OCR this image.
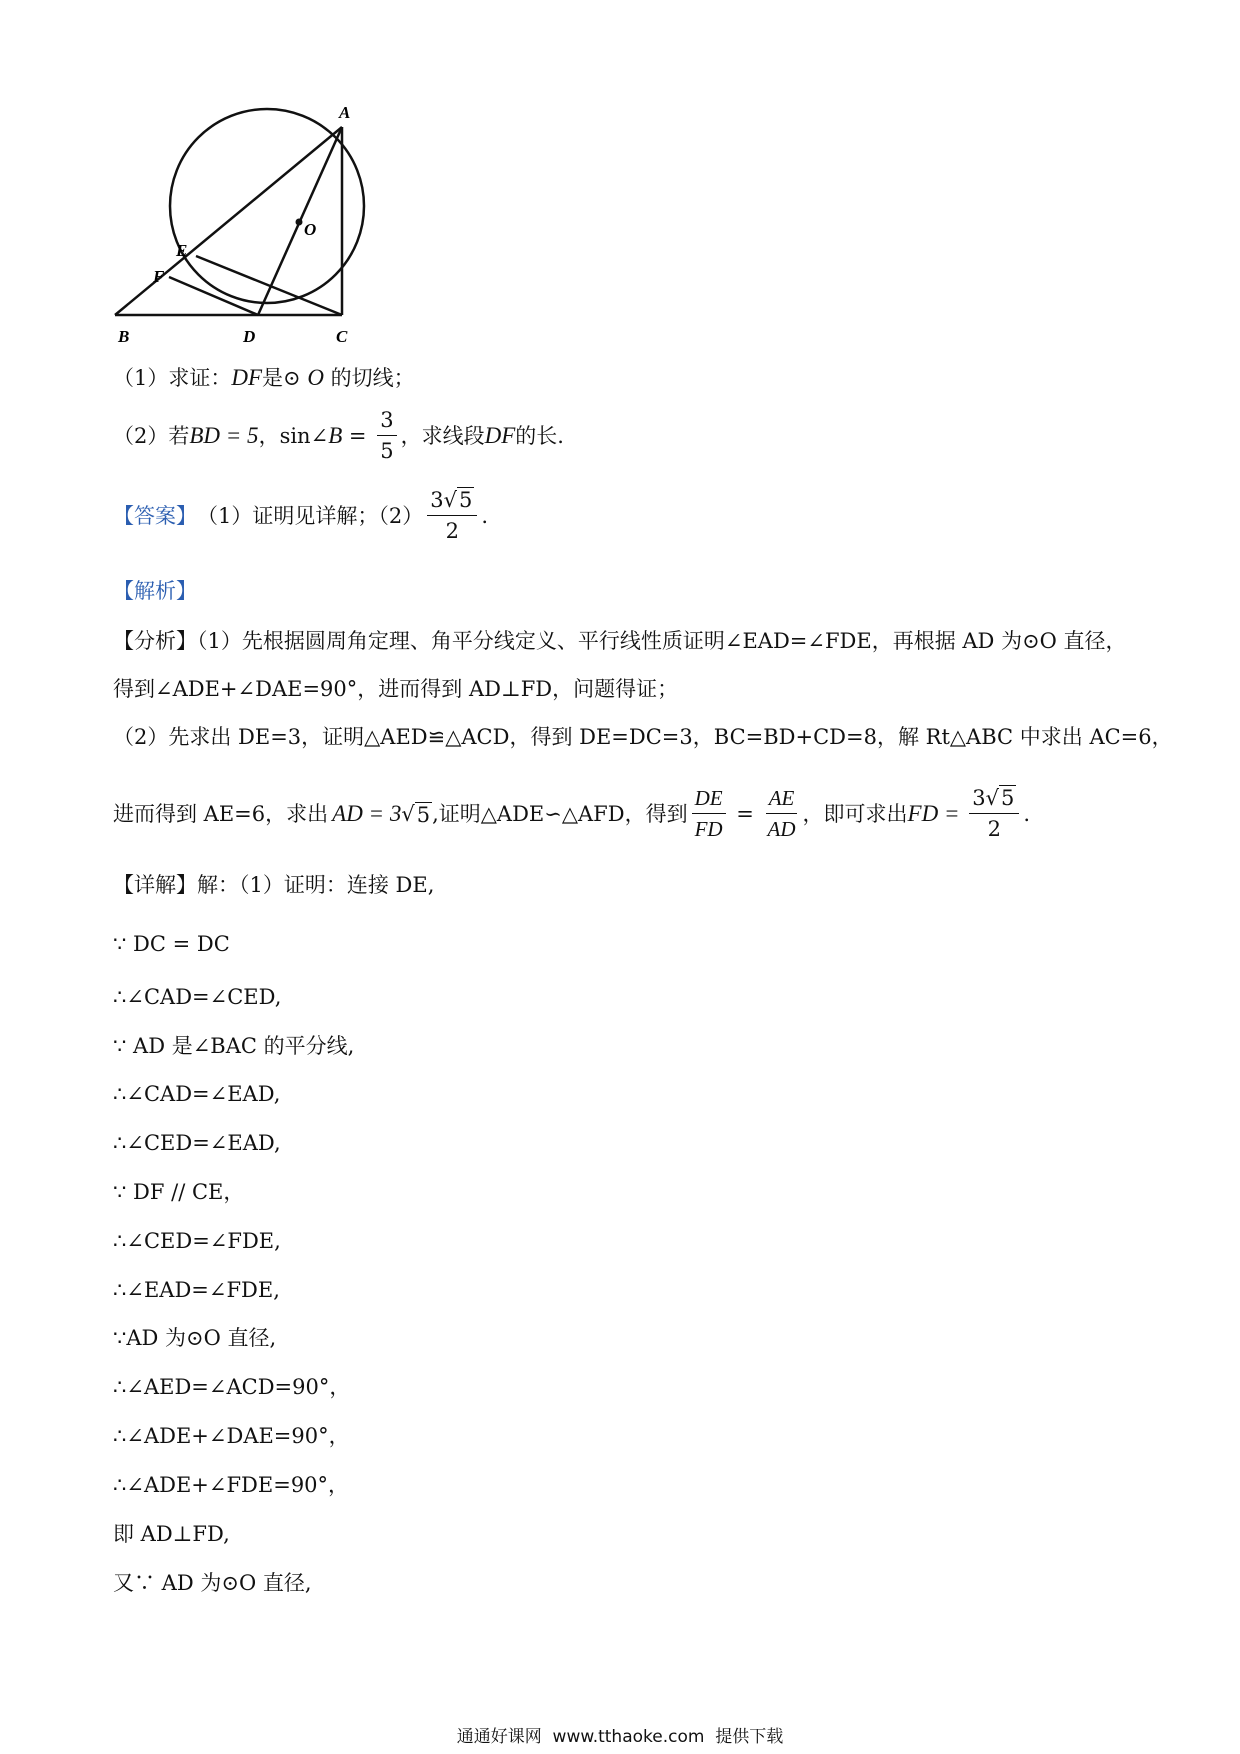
A
O
E
F
B	D	C
（1）求证：DF是⊙ O 的切线；
（2）若 BD = 5 ， sin∠ $B = \frac{3}{5}$ ，求线段 DF 的长.
【答案】 （1）证明见详解；$(2) \frac{3 √ 5}{2}$ .
【解析】
【分析】（1）先根据圆周角定理、角平分线定义、平行线性质证明∠EAD=∠FDE，再根据 AD 为⊙O 直径，
得到∠ADE+∠DAE=90°，进而得到 AD⊥FD，问题得证；
（2）先求出 DE=3，证明△AED≌△ACD，得到 DE=DC=3，BC=BD+CD=8，解 Rt△ABC 中求出 AC=6，
进而得到 AE=6，求出 AD = 3 √ 5 ,证明△ADE∽△AFD，得到 $\frac{DE}{FD} = \frac{AE}{AD}$ ，即可求出 FD = $\frac{3 √ 5}{2}$ .
【详解】解：（1）证明：连接 DE,
∵ DC = DC
∴∠CAD=∠CED,
∵ AD 是∠BAC 的平分线,
∴∠CAD=∠EAD,
∴∠CED=∠EAD,
∵ DF // CE，
∴∠CED=∠FDE,
∴∠EAD=∠FDE,
∵AD 为⊙O 直径,
∴∠AED=∠ACD=90°，
∴∠ADE+∠DAE=90°，
∴∠ADE+∠FDE=90°，
即 AD⊥FD,
又∵ AD 为⊙O 直径,
通通好课网  www.tthaoke.com  提供下载
